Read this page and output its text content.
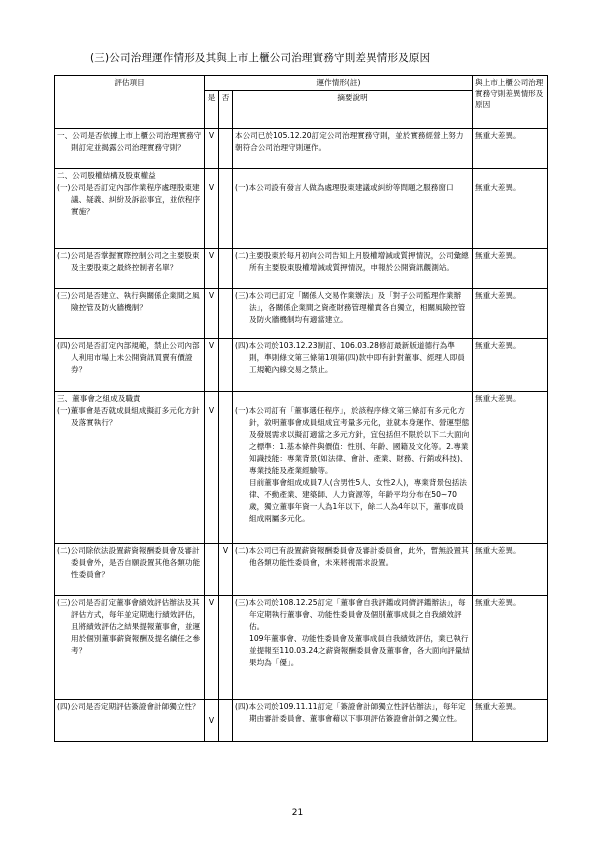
(三)公司治理運作情形及其與上市上櫃公司治理實務守則差異情形及原因
評估項目	運作情形(註)			與上市上櫃公司治理實務守則差異情形及原因
	是	否	摘要說明	

一、公司是否依據上市上櫃公司治理實務守則訂定並揭露公司治理實務守則？	V		本公司已於105.12.20訂定公司治理實務守則，並於實務經營上努力朝符合公司治理守則運作。	無重大差異。

二、公司股權結構及股東權益
(一)公司是否訂定內部作業程序處理股東建議、疑義、糾紛及訴訟事宜，並依程序實施？	V		(一)本公司設有發言人做為處理股東建議或糾紛等問題之服務窗口	無重大差異。

(二)公司是否掌握實際控制公司之主要股東及主要股東之最終控制者名單？	V		(二)主要股東於每月初向公司告知上月股權增減或質押情況，公司彙總所有主要股東股權增減或質押情況，申報於公開資訊觀測站。	無重大差異。

(三)公司是否建立、執行與關係企業間之風險控管及防火牆機制？	V		(三)本公司已訂定「關係人交易作業辦法」及「對子公司監理作業辦法」，各關係企業間之資產財務管理權責各自獨立，相關風險控管及防火牆機制均有適當建立。	無重大差異。

(四)公司是否訂定內部規範，禁止公司內部人利用市場上未公開資訊買賣有價證券？	V		(四)本公司於103.12.23制訂、106.03.28修訂最新版道德行為準則，準則條文第三條第1項第(四)款中即有針對董事、經理人即員工規範內線交易之禁止。	無重大差異。

三、董事會之組成及職責
(一)董事會是否就成員組成擬訂多元化方針及落實執行？	V		(一)本公司訂有「董事選任程序」，於該程序條文第三條訂有多元化方針，敘明董事會成員組成宜考量多元化，並就本身運作、營運型態及發展需求以擬訂適當之多元方針，宜包括但不限於以下二大面向之標準：1.基本條件與價值：性別、年齡、國籍及文化等。2.專業知識技能：專業背景(如法律、會計、產業、財務、行銷或科技)、專業技能及產業經驗等。
目前董事會組成成員7人(含男性5人、女性2人)，專業背景包括法律、不動產業、建築師、人力資源等，年齡平均分布在50~70歲，獨立董事年資一人為1年以下，餘二人為4年以下，董事成員組成兩屬多元化。	無重大差異。

(二)公司除依法設置薪資報酬委員會及審計委員會外，是否自願設置其他各類功能性委員會？		V	(二)本公司已有設置薪資報酬委員會及審計委員會，此外，暫無設置其他各類功能性委員會，未來將視需求設置。	無重大差異。

(三)公司是否訂定董事會績效評估辦法及其評估方式，每年並定期進行績效評估，且將績效評估之結果提報董事會，並運用於個別董事薪資報酬及提名續任之參考？	V		(三)本公司於108.12.25訂定「董事會自我評鑑或同儕評鑑辦法」，每年定期執行董事會、功能性委員會及個別董事成員之自我績效評估。
109年董事會、功能性委員會及董事成員自我績效評估，業已執行並提報至110.03.24之薪資報酬委員會及董事會，各大面向評量結果均為「優」。	無重大差異。

(四)公司是否定期評估簽證會計師獨立性？	V		(四)本公司於109.11.11訂定「簽證會計師獨立性評估辦法」，每年定期由審計委員會、董事會藉以下事項評估簽證會計師之獨立性。	無重大差異。
21
